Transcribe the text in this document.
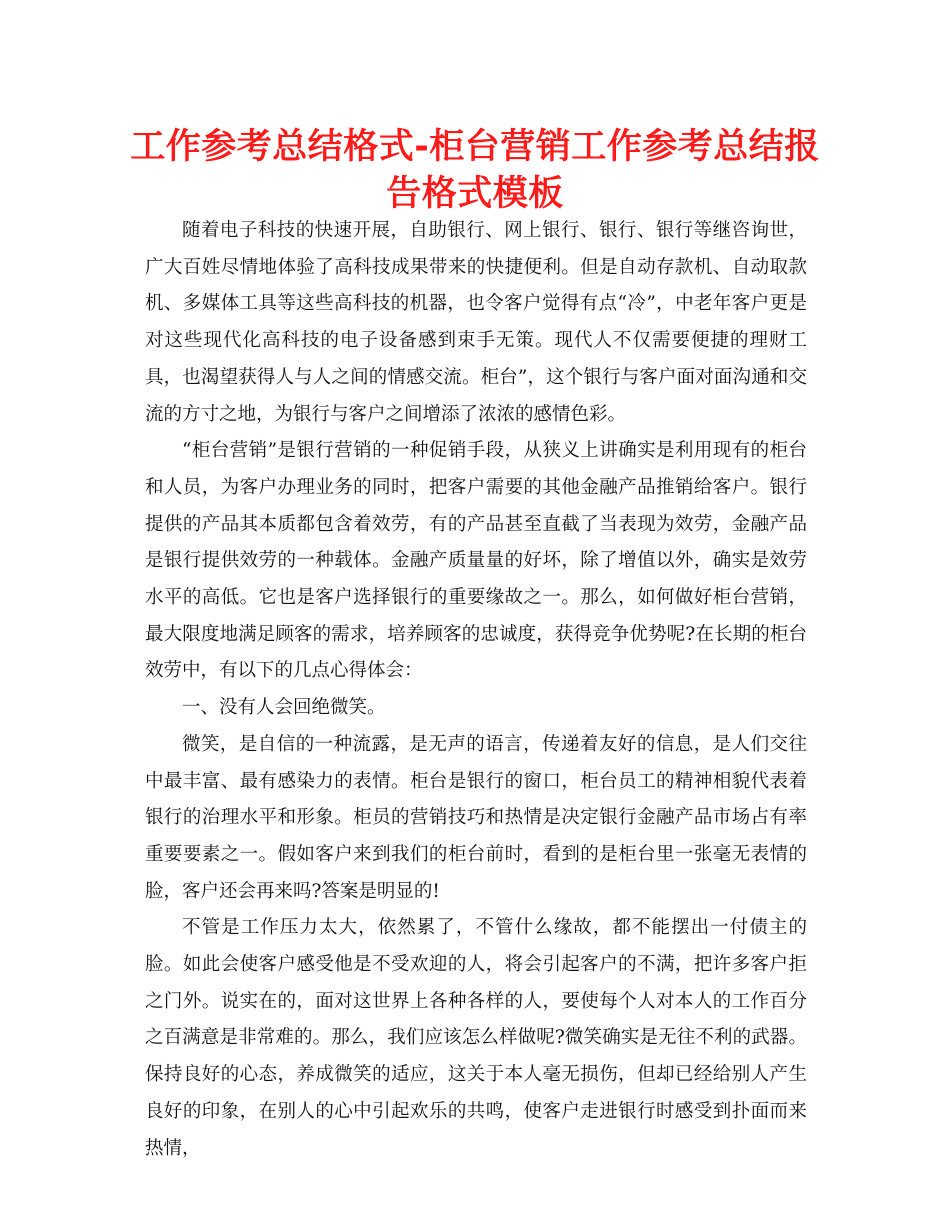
工作参考总结格式-柜台营销工作参考总结报告格式模板

随着电子科技的快速开展，自助银行、网上银行、银行、银行等继咨询世，广大百姓尽情地体验了高科技成果带来的快捷便利。但是自动存款机、自动取款机、多媒体工具等这些高科技的机器，也令客户觉得有点“冷”，中老年客户更是对这些现代化高科技的电子设备感到束手无策。现代人不仅需要便捷的理财工具，也渴望获得人与人之间的情感交流。柜台”，这个银行与客户面对面沟通和交流的方寸之地，为银行与客户之间增添了浓浓的感情色彩。

“柜台营销”是银行营销的一种促销手段，从狭义上讲确实是利用现有的柜台和人员，为客户办理业务的同时，把客户需要的其他金融产品推销给客户。银行提供的产品其本质都包含着效劳，有的产品甚至直截了当表现为效劳，金融产品是银行提供效劳的一种载体。金融产质量量的好坏，除了增值以外，确实是效劳水平的高低。它也是客户选择银行的重要缘故之一。那么，如何做好柜台营销，最大限度地满足顾客的需求，培养顾客的忠诚度，获得竞争优势呢?在长期的柜台效劳中，有以下的几点心得体会：

一、没有人会回绝微笑。

微笑，是自信的一种流露，是无声的语言，传递着友好的信息，是人们交往中最丰富、最有感染力的表情。柜台是银行的窗口，柜台员工的精神相貌代表着银行的治理水平和形象。柜员的营销技巧和热情是决定银行金融产品市场占有率重要要素之一。假如客户来到我们的柜台前时，看到的是柜台里一张毫无表情的脸，客户还会再来吗?答案是明显的!

不管是工作压力太大，依然累了，不管什么缘故，都不能摆出一付债主的脸。如此会使客户感受他是不受欢迎的人，将会引起客户的不满，把许多客户拒之门外。说实在的，面对这世界上各种各样的人，要使每个人对本人的工作百分之百满意是非常难的。那么，我们应该怎么样做呢?微笑确实是无往不利的武器。保持良好的心态，养成微笑的适应，这关于本人毫无损伤，但却已经给别人产生良好的印象，在别人的心中引起欢乐的共鸣，使客户走进银行时感受到扑面而来热情，
